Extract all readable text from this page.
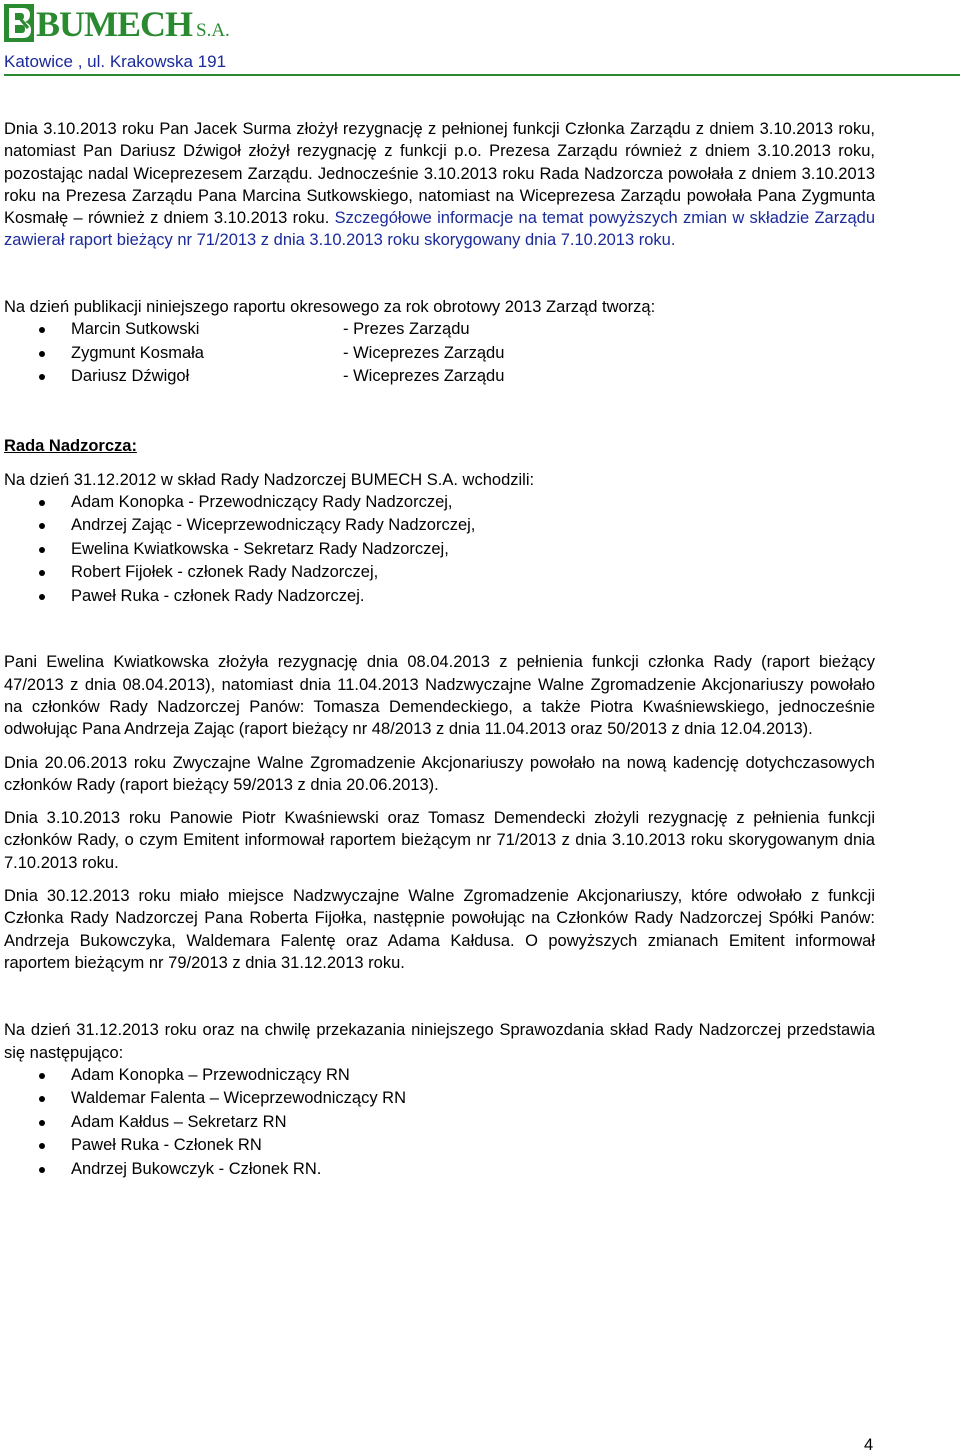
BUMECH S.A.
Katowice , ul. Krakowska 191

Dnia 3.10.2013 roku Pan Jacek Surma złożył rezygnację z pełnionej funkcji Członka Zarządu z dniem 3.10.2013 roku, natomiast Pan Dariusz Dźwigoł złożył rezygnację z funkcji p.o. Prezesa Zarządu również z dniem 3.10.2013 roku, pozostając nadal Wiceprezesem Zarządu. Jednocześnie 3.10.2013 roku Rada Nadzorcza powołała z dniem 3.10.2013 roku na Prezesa Zarządu Pana Marcina Sutkowskiego, natomiast na Wiceprezesa Zarządu powołała Pana Zygmunta Kosmałę – również z dniem 3.10.2013 roku. Szczegółowe informacje na temat powyższych zmian w składzie Zarządu zawierał raport bieżący nr 71/2013 z dnia 3.10.2013 roku skorygowany dnia 7.10.2013 roku.

Na dzień publikacji niniejszego raportu okresowego za rok obrotowy 2013 Zarząd tworzą:

Marcin Sutkowski	- Prezes Zarządu
Zygmunt Kosmała	- Wiceprezes Zarządu
Dariusz Dźwigoł	- Wiceprezes Zarządu

Rada Nadzorcza:

Na dzień 31.12.2012 w skład Rady Nadzorczej BUMECH S.A. wchodzili:

Adam Konopka - Przewodniczący Rady Nadzorczej,
Andrzej Zając - Wiceprzewodniczący Rady Nadzorczej,
Ewelina Kwiatkowska - Sekretarz Rady Nadzorczej,
Robert Fijołek - członek Rady Nadzorczej,
Paweł Ruka - członek Rady Nadzorczej.

Pani Ewelina Kwiatkowska złożyła rezygnację dnia 08.04.2013 z pełnienia funkcji członka Rady (raport bieżący 47/2013 z dnia 08.04.2013), natomiast dnia 11.04.2013 Nadzwyczajne Walne Zgromadzenie Akcjonariuszy powołało na członków Rady Nadzorczej Panów: Tomasza Demendeckiego, a także Piotra Kwaśniewskiego, jednocześnie odwołując Pana Andrzeja Zając (raport bieżący nr 48/2013 z dnia 11.04.2013 oraz 50/2013 z dnia 12.04.2013).

Dnia 20.06.2013 roku Zwyczajne Walne Zgromadzenie Akcjonariuszy powołało na nową kadencję dotychczasowych członków Rady (raport bieżący 59/2013 z dnia 20.06.2013).

Dnia 3.10.2013 roku Panowie Piotr Kwaśniewski oraz Tomasz Demendecki złożyli rezygnację z pełnienia funkcji członków Rady, o czym Emitent informował raportem bieżącym nr 71/2013 z dnia 3.10.2013 roku skorygowanym dnia 7.10.2013 roku.

Dnia 30.12.2013 roku miało miejsce Nadzwyczajne Walne Zgromadzenie Akcjonariuszy, które odwołało z funkcji Członka Rady Nadzorczej Pana Roberta Fijołka, następnie powołując na Członków Rady Nadzorczej Spółki Panów: Andrzeja Bukowczyka, Waldemara Falentę oraz Adama Kałdusa. O powyższych zmianach Emitent informował raportem bieżącym nr 79/2013 z dnia 31.12.2013 roku.

Na dzień 31.12.2013 roku oraz na chwilę przekazania niniejszego Sprawozdania skład Rady Nadzorczej przedstawia się następująco:

Adam Konopka – Przewodniczący RN
Waldemar Falenta – Wiceprzewodniczący RN
Adam Kałdus – Sekretarz RN
Paweł Ruka - Członek RN
Andrzej Bukowczyk - Członek RN.
4
